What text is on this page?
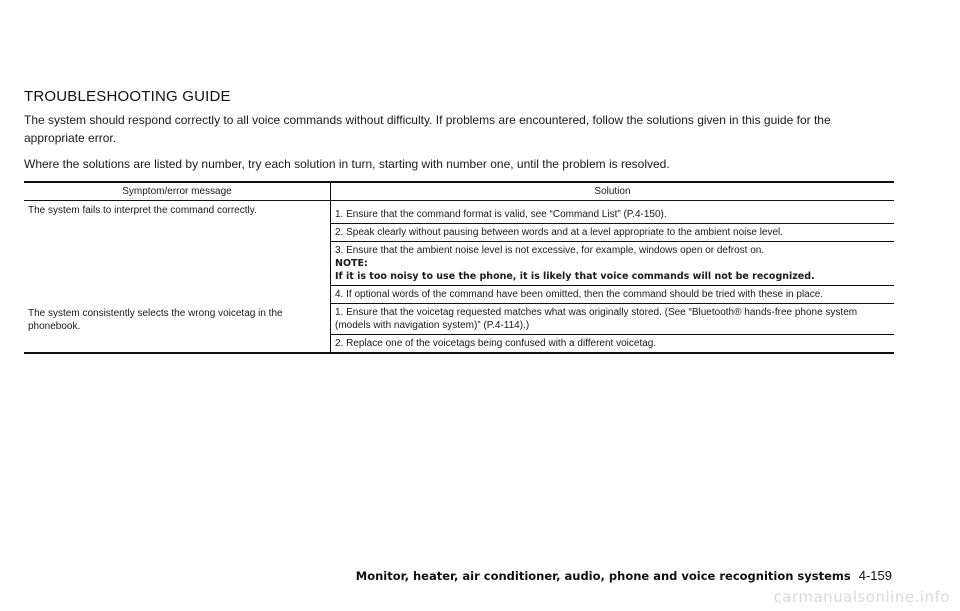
TROUBLESHOOTING GUIDE

The system should respond correctly to all voice commands without difficulty. If problems are encountered, follow the solutions given in this guide for the appropriate error.

Where the solutions are listed by number, try each solution in turn, starting with number one, until the problem is resolved.

Symptom/error message	Solution
The system fails to interpret the command correctly.	1. Ensure that the command format is valid, see “Command List” (P.4-150).
	2. Speak clearly without pausing between words and at a level appropriate to the ambient noise level.

	3. Ensure that the ambient noise level is not excessive, for example, windows open or defrost on.
NOTE:
If it is too noisy to use the phone, it is likely that voice commands will not be recognized.

	4. If optional words of the command have been omitted, then the command should be tried with these in place.
The system consistently selects the wrong voicetag in the phonebook.	1. Ensure that the voicetag requested matches what was originally stored. (See “Bluetooth® hands-free phone system (models with navigation system)” (P.4-114).)
	2. Replace one of the voicetags being confused with a different voicetag.
Monitor, heater, air conditioner, audio, phone and voice recognition systems 4-159
carmanualsonline.info
